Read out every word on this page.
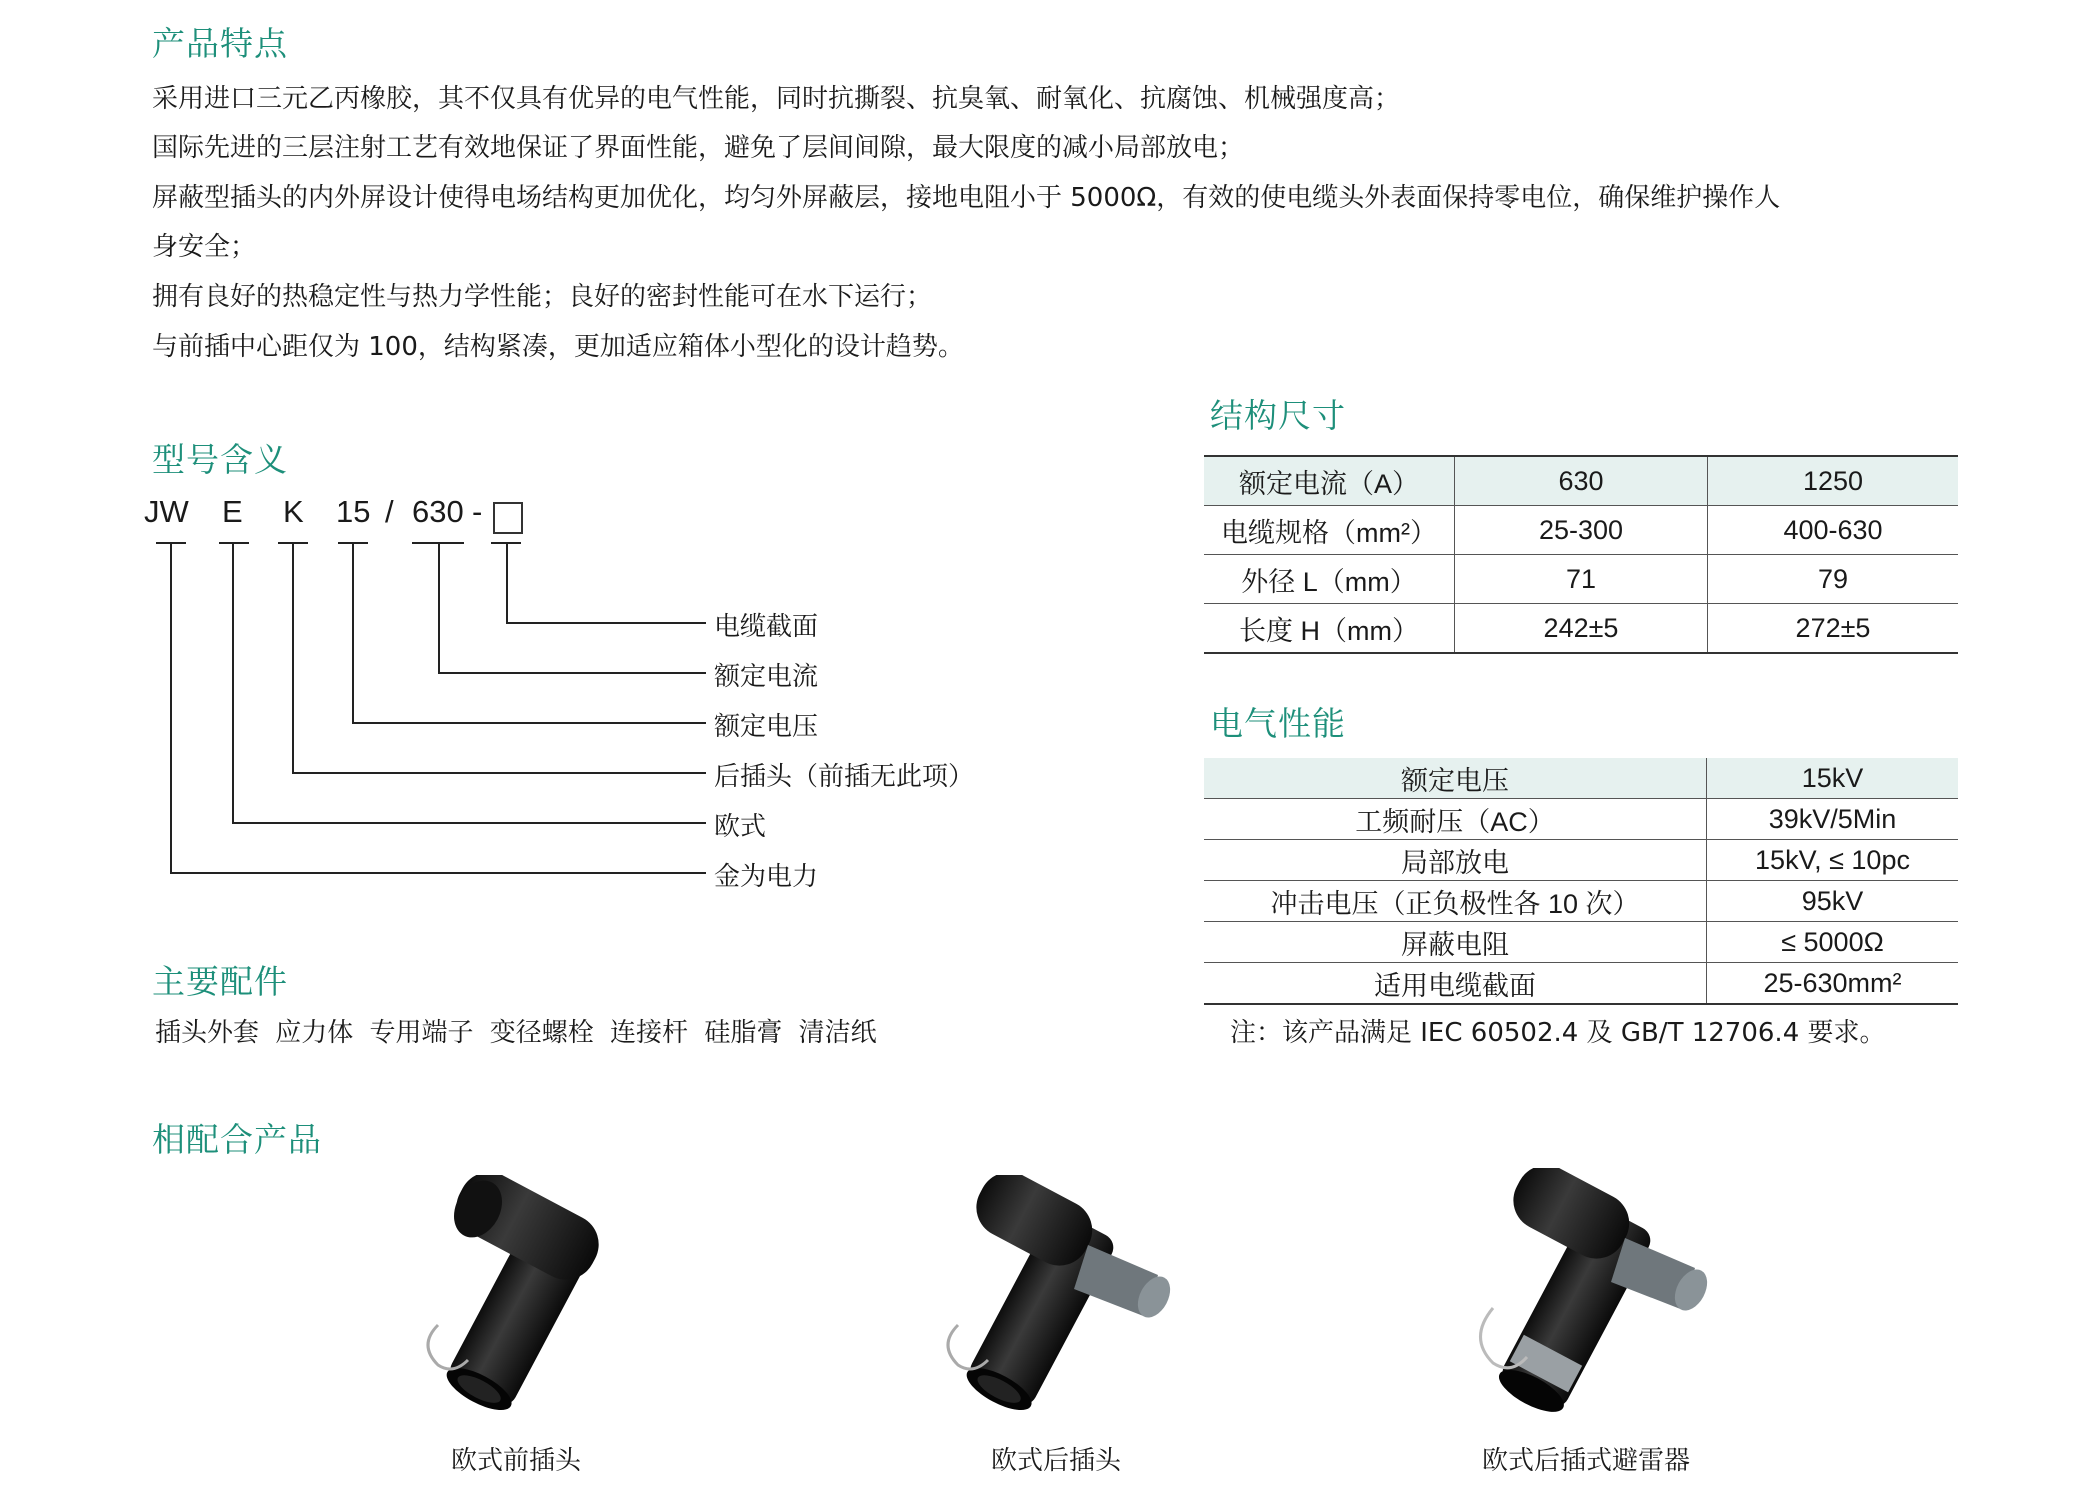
产品特点

采用进口三元乙丙橡胶，其不仅具有优异的电气性能，同时抗撕裂、抗臭氧、耐氧化、抗腐蚀、机械强度高；

国际先进的三层注射工艺有效地保证了界面性能，避免了层间间隙，最大限度的减小局部放电；

屏蔽型插头的内外屏设计使得电场结构更加优化，均匀外屏蔽层，接地电阻小于 5000Ω，有效的使电缆头外表面保持零电位，确保维护操作人

身安全；

拥有良好的热稳定性与热力学性能；良好的密封性能可在水下运行；

与前插中心距仅为 100，结构紧凑，更加适应箱体小型化的设计趋势。

型号含义
JW E K 15 / 630 -
电缆截面
额定电流
额定电压
后插头（前插无此项）
欧式
金为电力
主要配件

插头外套 应力体 专用端子 变径螺栓 连接杆 硅脂膏 清洁纸

结构尺寸
额定电流（A）	630	1250
电缆规格（mm²）	25-300	400-630
外径 L（mm）	71	79
长度 H（mm）	242±5	272±5
电气性能
额定电压	15kV
工频耐压（AC）	39kV/5Min
局部放电	15kV, ≤ 10pc
冲击电压（正负极性各 10 次）	95kV
屏蔽电阻	≤ 5000Ω
适用电缆截面	25-630mm²

注：该产品满足 IEC 60502.4 及 GB/T 12706.4 要求。

相配合产品
欧式前插头	欧式后插头	欧式后插式避雷器
